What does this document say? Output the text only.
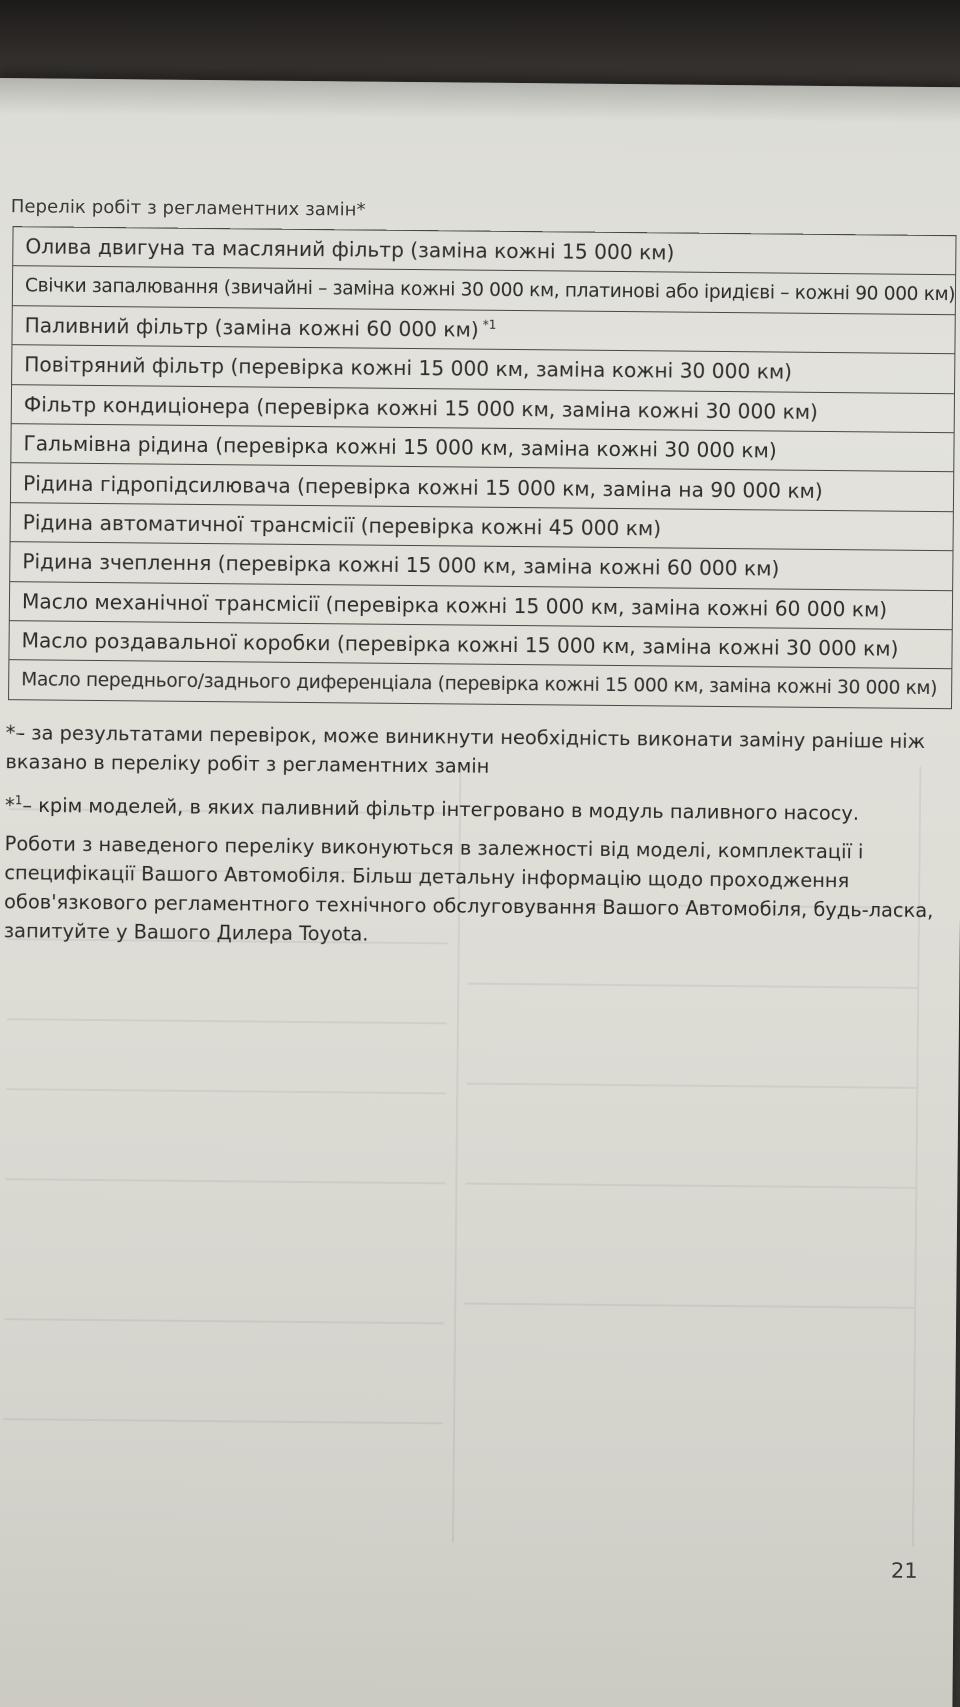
Перелік робіт з регламентних замін*
Олива двигуна та масляний фільтр (заміна кожні 15 000 км)
Свічки запалювання (звичайні – заміна кожні 30 000 км, платинові або іридієві – кожні 90 000 км)
Паливний фільтр (заміна кожні 60 000 км) $^{*1}$
Повітряний фільтр (перевірка кожні 15 000 км, заміна кожні 30 000 км)
Фільтр кондиціонера (перевірка кожні 15 000 км, заміна кожні 30 000 км)
Гальмівна рідина (перевірка кожні 15 000 км, заміна кожні 30 000 км)
Рідина гідропідсилювача (перевірка кожні 15 000 км, заміна на 90 000 км)
Рідина автоматичної трансмісії (перевірка кожні 45 000 км)
Рідина зчеплення (перевірка кожні 15 000 км, заміна кожні 60 000 км)
Масло механічної трансмісії (перевірка кожні 15 000 км, заміна кожні 60 000 км)
Масло роздавальної коробки (перевірка кожні 15 000 км, заміна кожні 30 000 км)
Масло переднього/заднього диференціала (перевірка кожні 15 000 км, заміна кожні 30 000 км)

*– за результатами перевірок, може виникнути необхідність виконати заміну раніше ніж вказано в переліку робіт з регламентних замін

*$^1$– крім моделей, в яких паливний фільтр інтегровано в модуль паливного насосу.

Роботи з наведеного переліку виконуються в залежності від моделі, комплектації і специфікації Вашого Автомобіля. Більш детальну інформацію щодо проходження обов'язкового регламентного технічного обслуговування Вашого Автомобіля, будь-ласка, запитуйте у Вашого Дилера Toyota.

21
